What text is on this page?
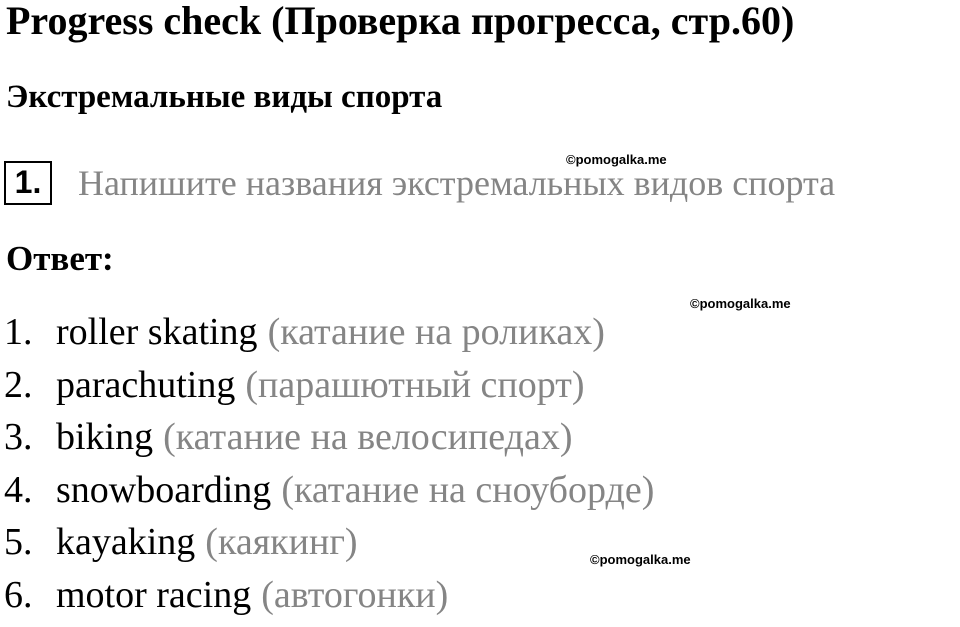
Progress check (Проверка прогресса, стр.60)
Экстремальные виды спорта
1. Напишите названия экстремальных видов спорта
Ответ:
1. roller skating (катание на роликах)
2. parachuting (парашютный спорт)
3. biking (катание на велосипедах)
4. snowboarding (катание на сноуборде)
5. kayaking (каякинг)
6. motor racing (автогонки)
©pomogalka.me
©pomogalka.me
©pomogalka.me
